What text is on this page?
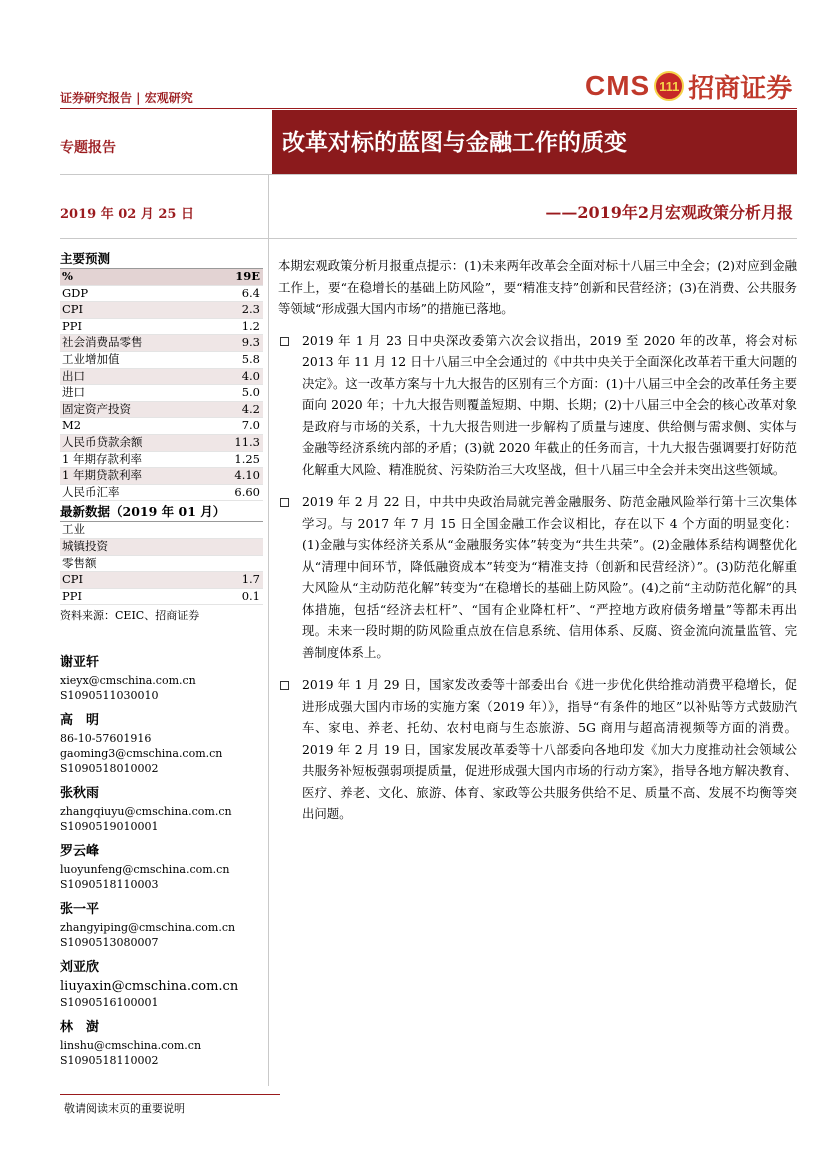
证券研究报告 | 宏观研究	CMS 111 招商证券
专题报告	改革对标的蓝图与金融工作的质变
2019 年 02 月 25 日	——2019年2月宏观政策分析月报
主要预测
%	19E
GDP	6.4
CPI	2.3
PPI	1.2
社会消费品零售	9.3
工业增加值	5.8
出口	4.0
进口	5.0
固定资产投资	4.2
M2	7.0
人民币贷款余额	11.3
1 年期存款利率	1.25
1 年期贷款利率	4.10
人民币汇率	6.60
最新数据（2019 年 01 月）
工业
城镇投资
零售额
CPI	1.7
PPI	0.1
资料来源：CEIC、招商证券
谢亚轩
xieyx@cmschina.com.cn
S1090511030010
高　明
86-10-57601916
gaoming3@cmschina.com.cn
S1090518010002
张秋雨
zhangqiuyu@cmschina.com.cn
S1090519010001
罗云峰
luoyunfeng@cmschina.com.cn
S1090518110003
张一平
zhangyiping@cmschina.com.cn
S1090513080007
刘亚欣
liuyaxin@cmschina.com.cn
S1090516100001
林　澍
linshu@cmschina.com.cn
S1090518110002

本期宏观政策分析月报重点提示：(1)未来两年改革会全面对标十八届三中全会；(2)对应到金融工作上，要“在稳增长的基础上防风险”，要“精准支持”创新和民营经济；(3)在消费、公共服务等领域“形成强大国内市场”的措施已落地。

2019 年 1 月 23 日中央深改委第六次会议指出，2019 至 2020 年的改革，将会对标 2013 年 11 月 12 日十八届三中全会通过的《中共中央关于全面深化改革若干重大问题的决定》。这一改革方案与十九大报告的区别有三个方面：(1)十八届三中全会的改革任务主要面向 2020 年；十九大报告则覆盖短期、中期、长期；(2)十八届三中全会的核心改革对象是政府与市场的关系，十九大报告则进一步解构了质量与速度、供给侧与需求侧、实体与金融等经济系统内部的矛盾；(3)就 2020 年截止的任务而言，十九大报告强调要打好防范化解重大风险、精准脱贫、污染防治三大攻坚战，但十八届三中全会并未突出这些领域。
2019 年 2 月 22 日，中共中央政治局就完善金融服务、防范金融风险举行第十三次集体学习。与 2017 年 7 月 15 日全国金融工作会议相比，存在以下 4 个方面的明显变化：(1)金融与实体经济关系从“金融服务实体”转变为“共生共荣”。(2)金融体系结构调整优化从“清理中间环节，降低融资成本”转变为“精准支持（创新和民营经济）”。(3)防范化解重大风险从“主动防范化解”转变为“在稳增长的基础上防风险”。(4)之前“主动防范化解”的具体措施，包括“经济去杠杆”、“国有企业降杠杆”、“严控地方政府债务增量”等都未再出现。未来一段时期的防风险重点放在信息系统、信用体系、反腐、资金流向流量监管、完善制度体系上。
2019 年 1 月 29 日，国家发改委等十部委出台《进一步优化供给推动消费平稳增长，促进形成强大国内市场的实施方案（2019 年）》，指导“有条件的地区”以补贴等方式鼓励汽车、家电、养老、托幼、农村电商与生态旅游、5G 商用与超高清视频等方面的消费。2019 年 2 月 19 日，国家发展改革委等十八部委向各地印发《加大力度推动社会领域公共服务补短板强弱项提质量，促进形成强大国内市场的行动方案》，指导各地方解决教育、医疗、养老、文化、旅游、体育、家政等公共服务供给不足、质量不高、发展不均衡等突出问题。
敬请阅读末页的重要说明
